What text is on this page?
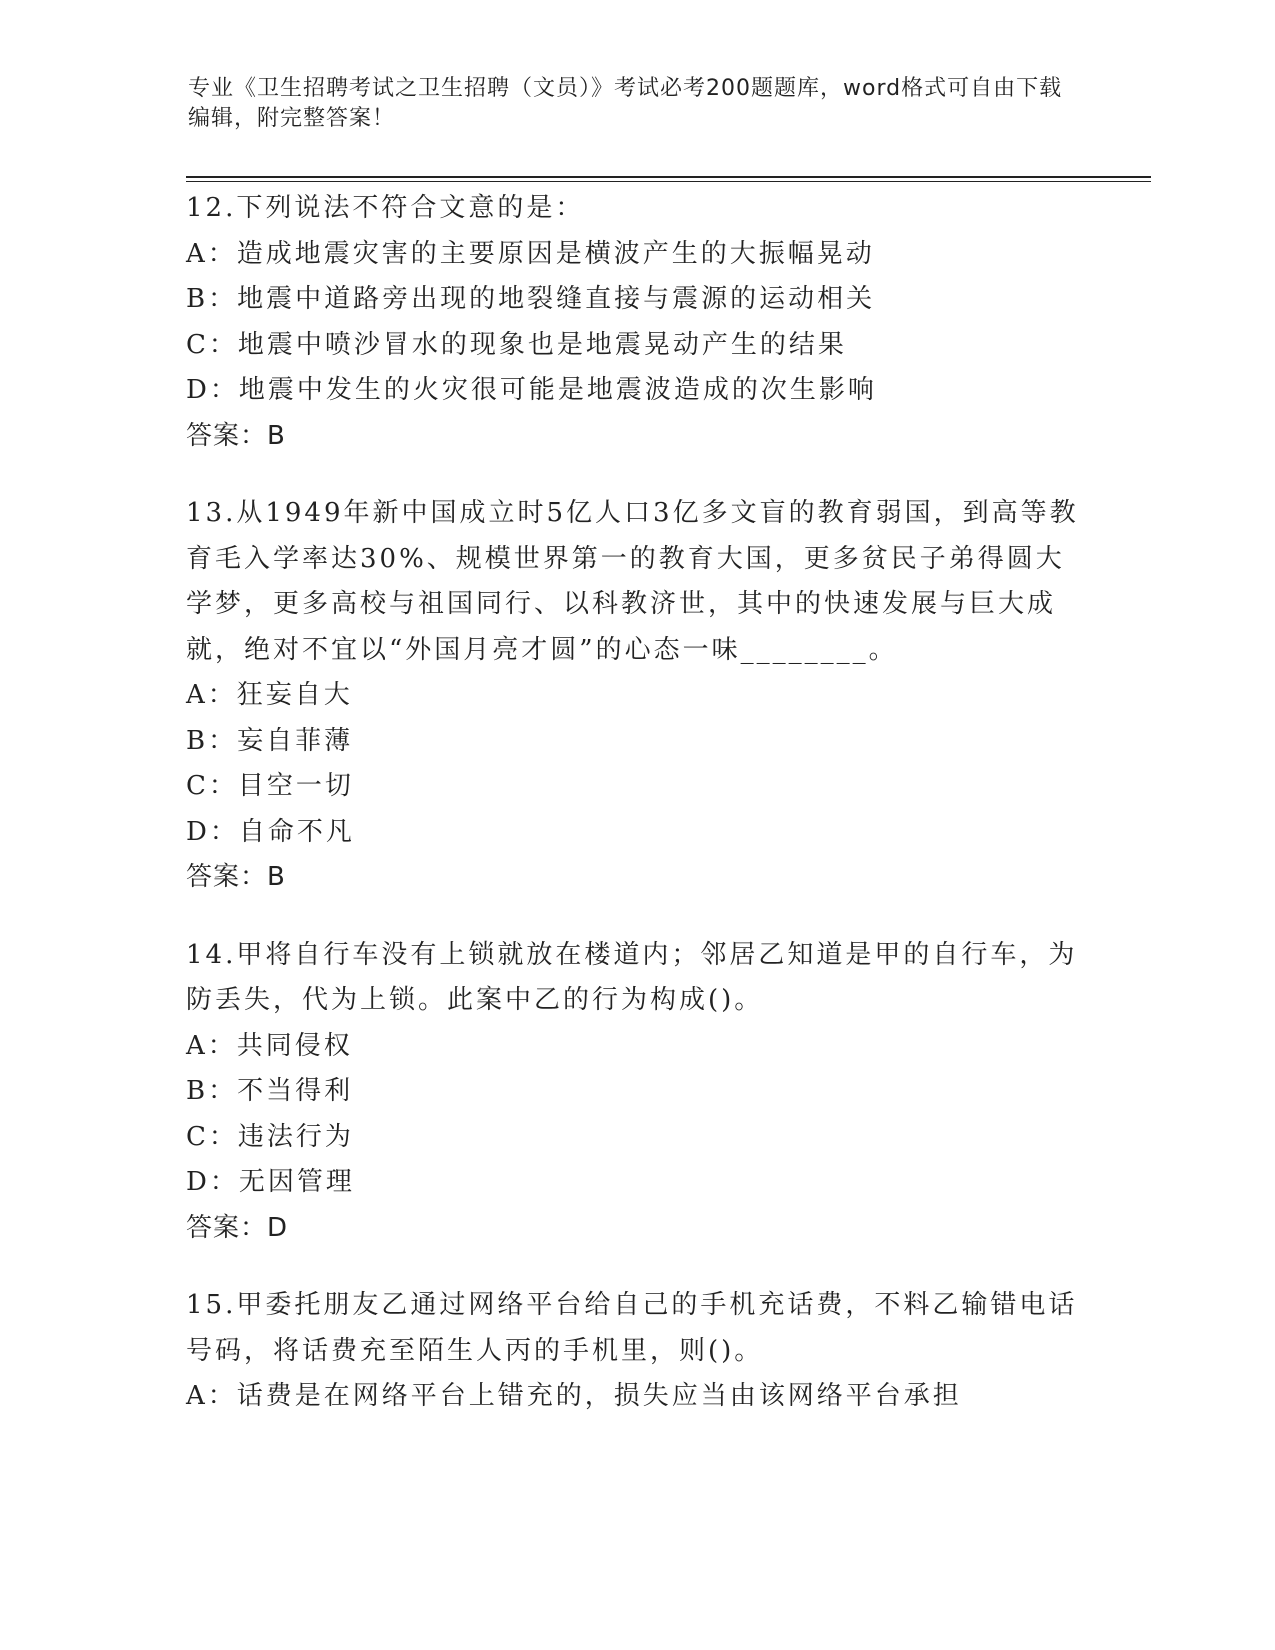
专业《卫生招聘考试之卫生招聘（文员）》考试必考200题题库，word格式可自由下载编辑，附完整答案！

12.下列说法不符合文意的是：

A：造成地震灾害的主要原因是横波产生的大振幅晃动
B：地震中道路旁出现的地裂缝直接与震源的运动相关
C：地震中喷沙冒水的现象也是地震晃动产生的结果
D：地震中发生的火灾很可能是地震波造成的次生影响
答案：B

13.从1949年新中国成立时5亿人口3亿多文盲的教育弱国，到高等教育毛入学率达30%、规模世界第一的教育大国，更多贫民子弟得圆大学梦，更多高校与祖国同行、以科教济世，其中的快速发展与巨大成就，绝对不宜以“外国月亮才圆”的心态一味________。

A：狂妄自大
B：妄自菲薄
C：目空一切
D：自命不凡
答案：B

14.甲将自行车没有上锁就放在楼道内；邻居乙知道是甲的自行车，为防丢失，代为上锁。此案中乙的行为构成()。

A：共同侵权
B：不当得利
C：违法行为
D：无因管理
答案：D

15.甲委托朋友乙通过网络平台给自己的手机充话费，不料乙输错电话号码，将话费充至陌生人丙的手机里，则()。

A：话费是在网络平台上错充的，损失应当由该网络平台承担
